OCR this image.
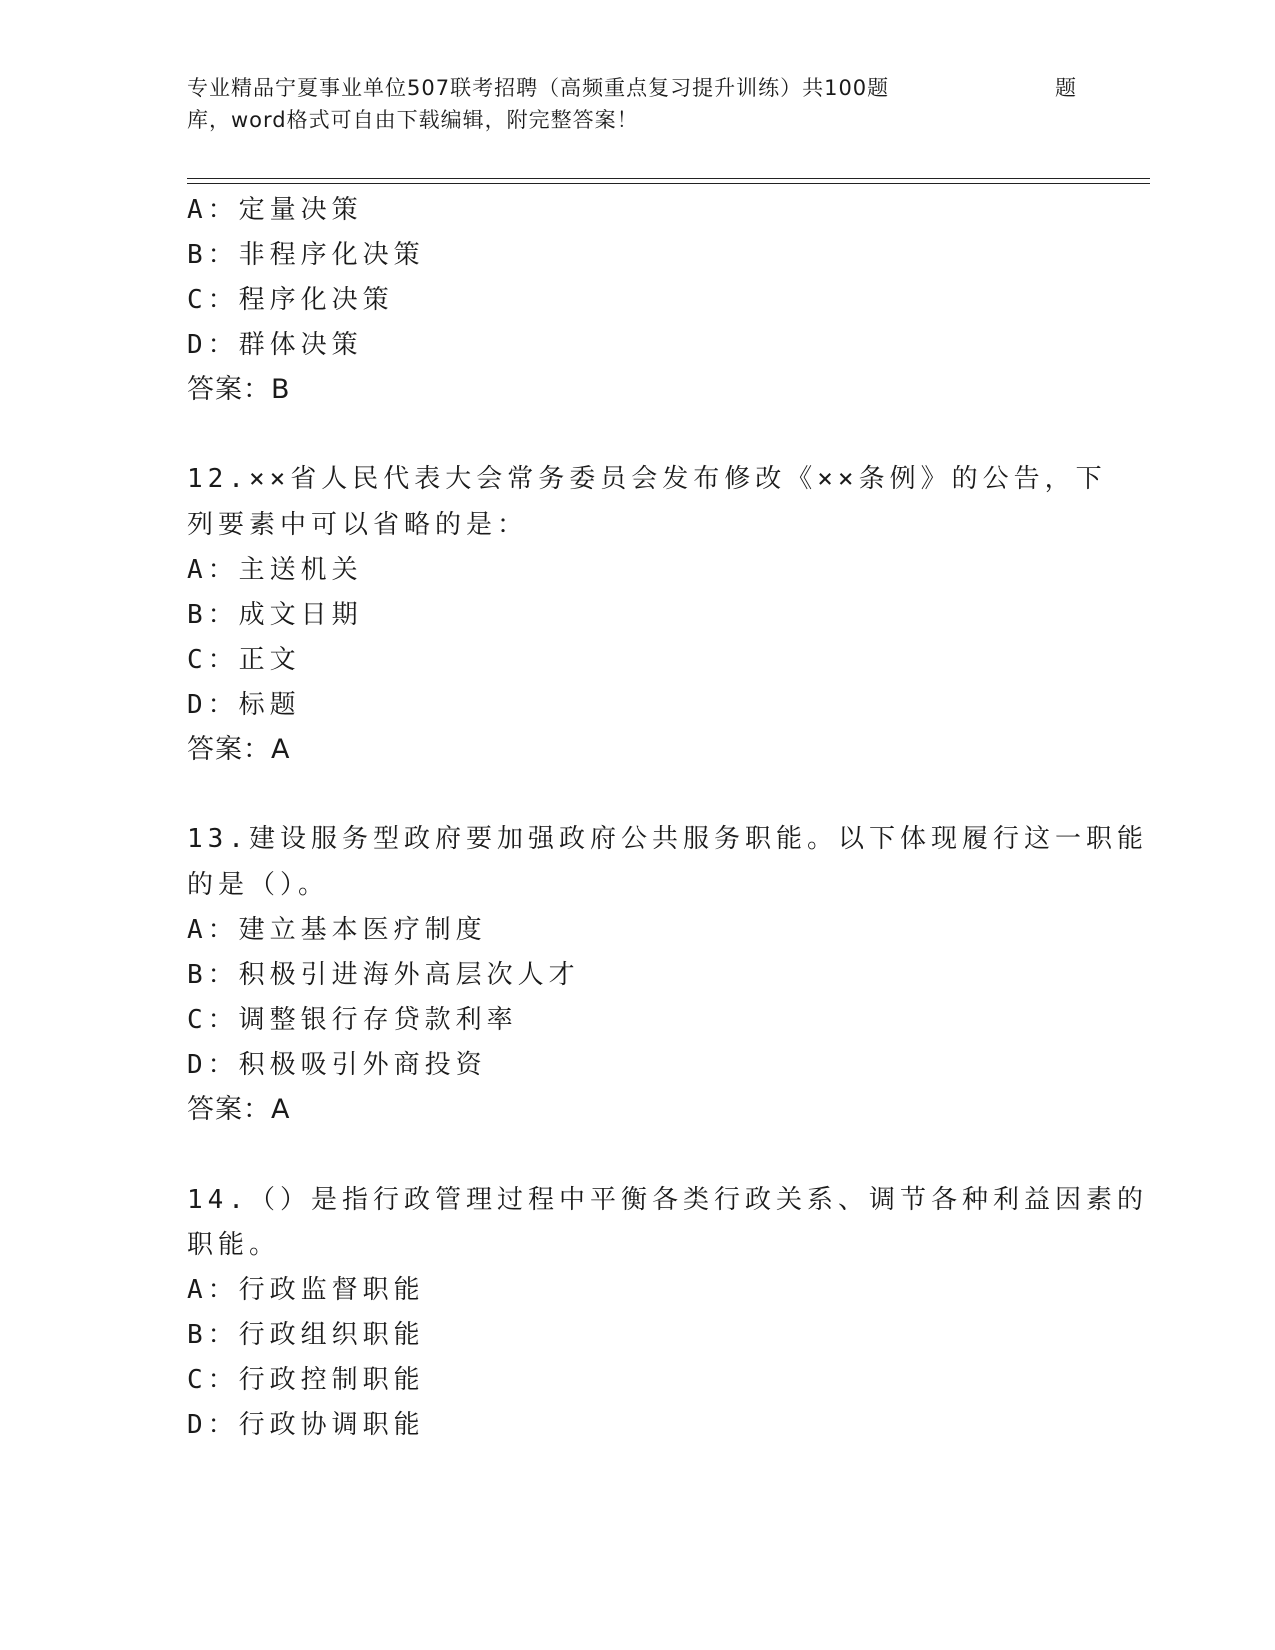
专业精品宁夏事业单位507联考招聘（高频重点复习提升训练）共100题	题
库，word格式可自由下载编辑，附完整答案！
A：定量决策
B：非程序化决策
C：程序化决策
D：群体决策
答案：B
12.××省人民代表大会常务委员会发布修改《××条例》的公告，下
列要素中可以省略的是：
A：主送机关
B：成文日期
C：正文
D：标题
答案：A
13.建设服务型政府要加强政府公共服务职能。以下体现履行这一职能
的是（）。
A：建立基本医疗制度
B：积极引进海外高层次人才
C：调整银行存贷款利率
D：积极吸引外商投资
答案：A
14.（）是指行政管理过程中平衡各类行政关系、调节各种利益因素的
职能。
A：行政监督职能
B：行政组织职能
C：行政控制职能
D：行政协调职能
